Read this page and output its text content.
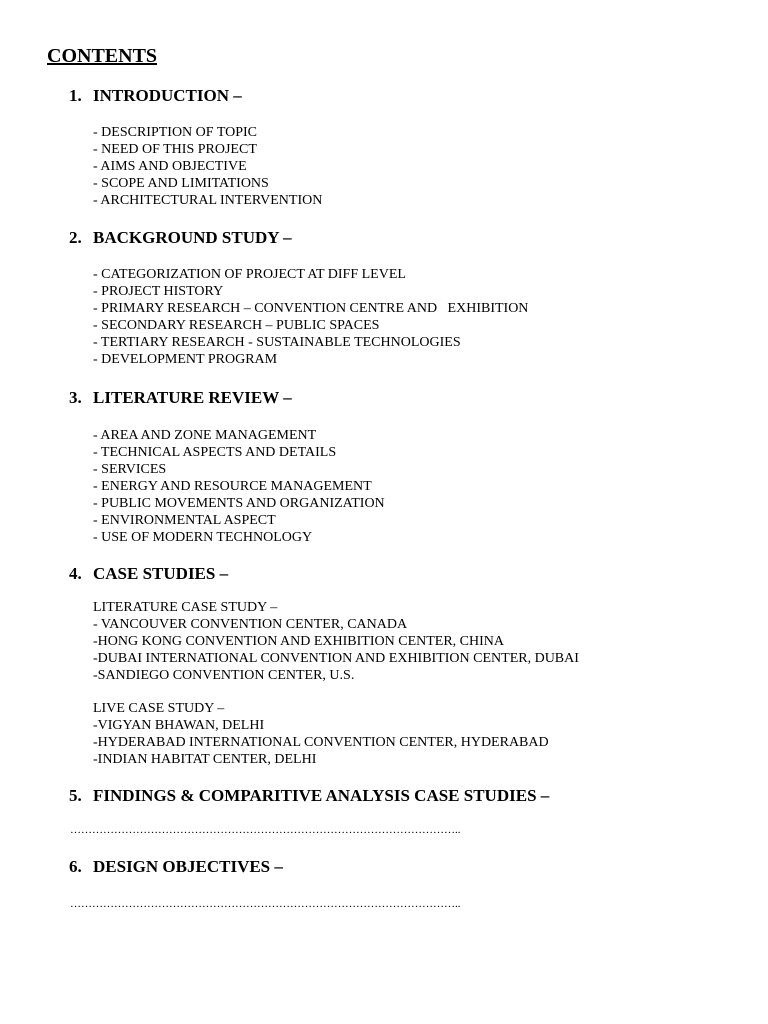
CONTENTS
1. INTRODUCTION –
- DESCRIPTION OF TOPIC
- NEED OF THIS PROJECT
- AIMS AND OBJECTIVE
- SCOPE AND LIMITATIONS
- ARCHITECTURAL INTERVENTION
2. BACKGROUND STUDY –
- CATEGORIZATION OF PROJECT AT DIFF LEVEL
- PROJECT HISTORY
- PRIMARY RESEARCH – CONVENTION CENTRE AND   EXHIBITION
- SECONDARY RESEARCH – PUBLIC SPACES
- TERTIARY RESEARCH - SUSTAINABLE TECHNOLOGIES
- DEVELOPMENT PROGRAM
3. LITERATURE REVIEW –
- AREA AND ZONE MANAGEMENT
- TECHNICAL ASPECTS AND DETAILS
- SERVICES
- ENERGY AND RESOURCE MANAGEMENT
- PUBLIC MOVEMENTS AND ORGANIZATION
- ENVIRONMENTAL ASPECT
- USE OF MODERN TECHNOLOGY
4. CASE STUDIES –
LITERATURE CASE STUDY –
- VANCOUVER CONVENTION CENTER, CANADA
-HONG KONG CONVENTION AND EXHIBITION CENTER, CHINA
-DUBAI INTERNATIONAL CONVENTION AND EXHIBITION CENTER, DUBAI
-SANDIEGO CONVENTION CENTER, U.S.
LIVE CASE STUDY –
-VIGYAN BHAWAN, DELHI
-HYDERABAD INTERNATIONAL CONVENTION CENTER, HYDERABAD
-INDIAN HABITAT CENTER, DELHI
5. FINDINGS & COMPARITIVE ANALYSIS CASE STUDIES –
……………………………………………………………………………………………..
6. DESIGN OBJECTIVES –
……………………………………………………………………………………………..
